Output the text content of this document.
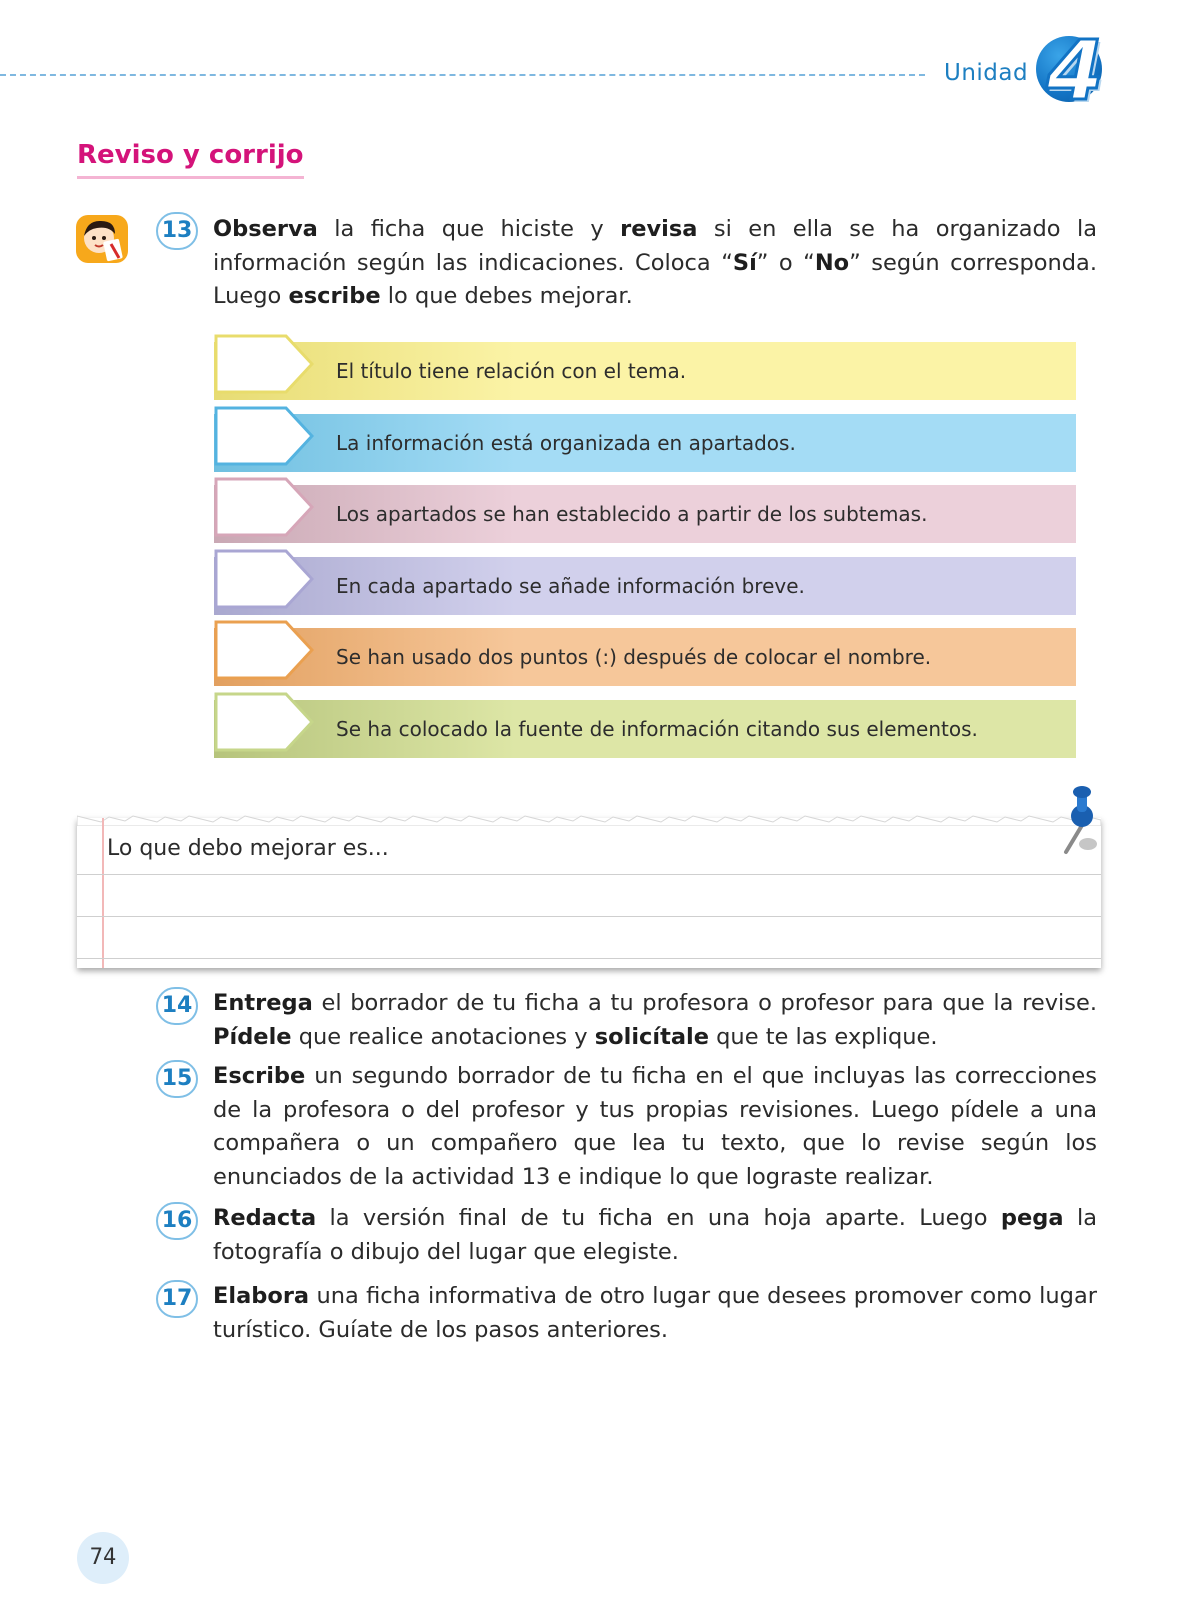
Unidad 4
Reviso y corrijo
13 Observa la ficha que hiciste y revisa si en ella se ha organizado la información según las indicaciones. Coloca “Sí” o “No” según corresponda. Luego escribe lo que debes mejorar.
El título tiene relación con el tema.
La información está organizada en apartados.
Los apartados se han establecido a partir de los subtemas.
En cada apartado se añade información breve.
Se han usado dos puntos (:) después de colocar el nombre.
Se ha colocado la fuente de información citando sus elementos.
Lo que debo mejorar es...
14 Entrega el borrador de tu ficha a tu profesora o profesor para que la revise. Pídele que realice anotaciones y solicítale que te las explique.
15 Escribe un segundo borrador de tu ficha en el que incluyas las correcciones de la profesora o del profesor y tus propias revisiones. Luego pídele a una compañera o un compañero que lea tu texto, que lo revise según los enunciados de la actividad 13 e indique lo que lograste realizar.
16 Redacta la versión final de tu ficha en una hoja aparte. Luego pega la fotografía o dibujo del lugar que elegiste.
17 Elabora una ficha informativa de otro lugar que desees promover como lugar turístico. Guíate de los pasos anteriores.
74
